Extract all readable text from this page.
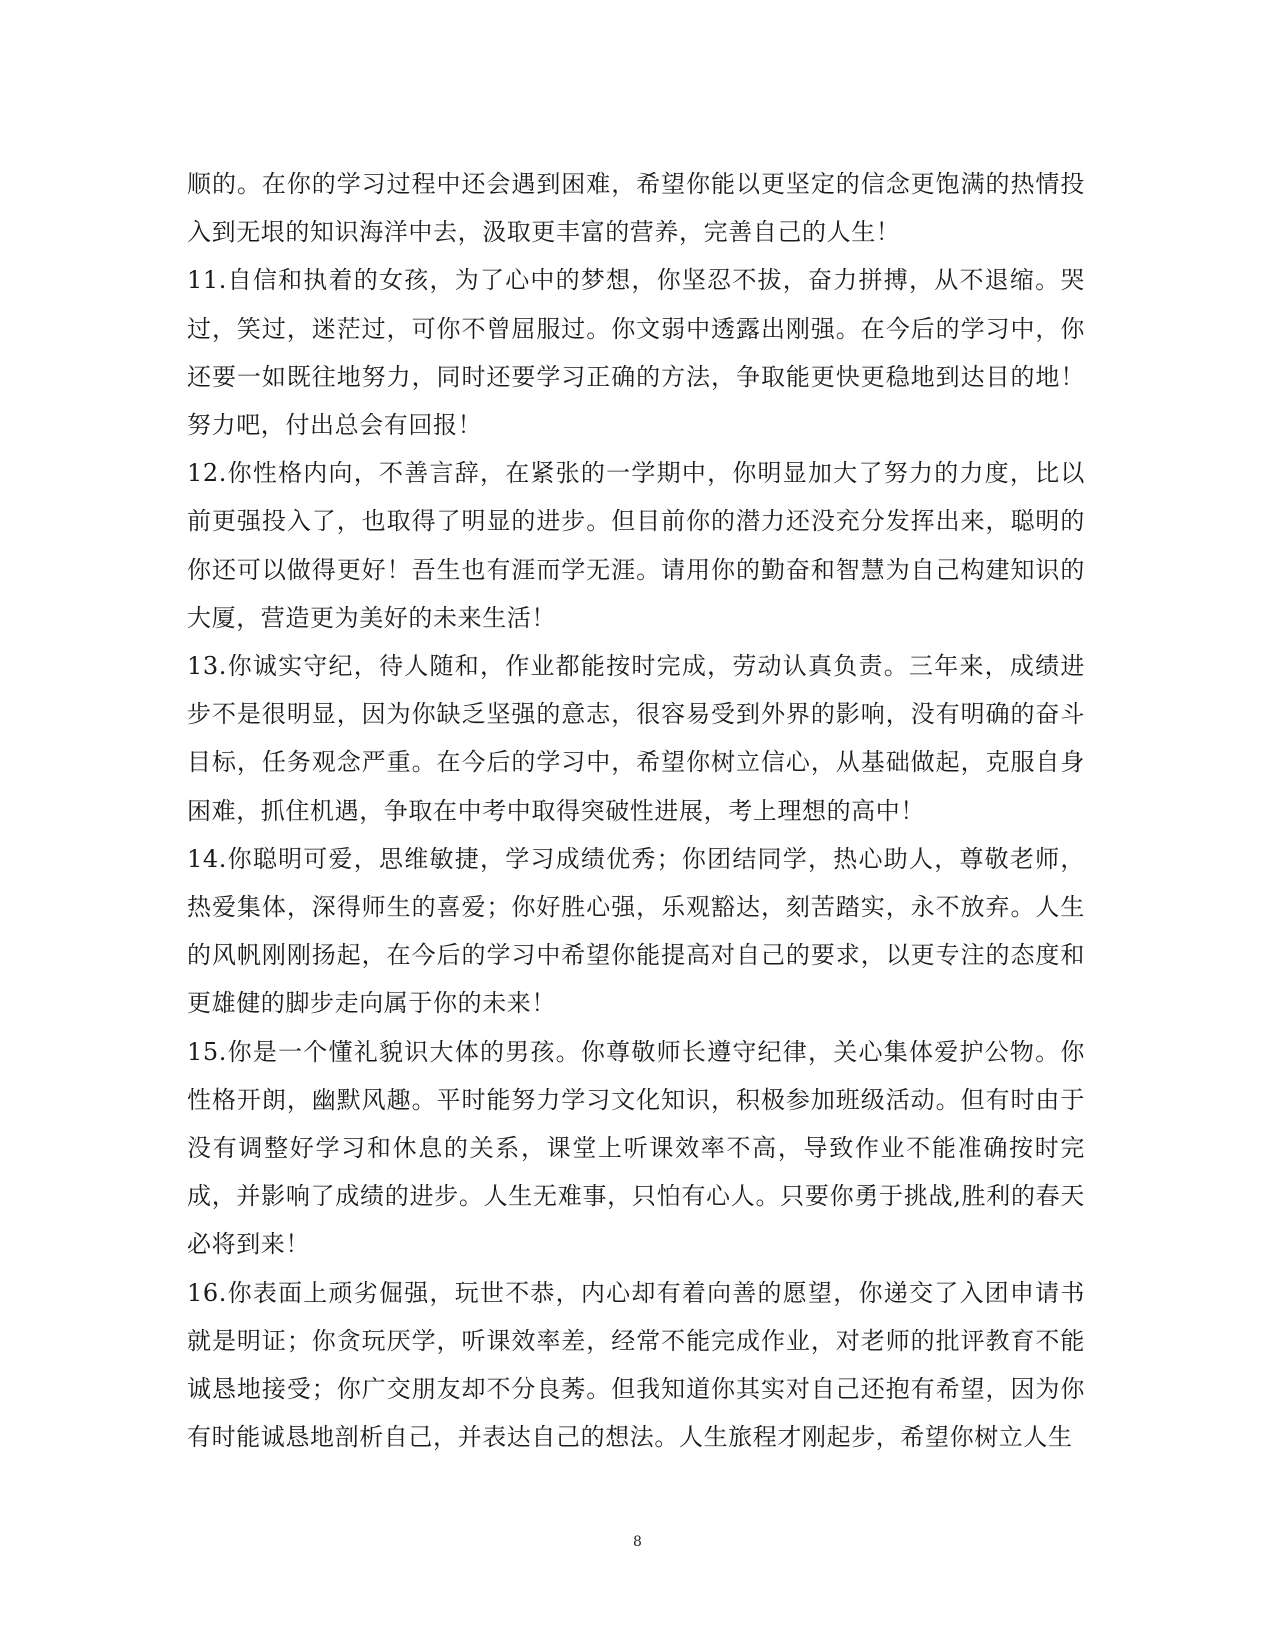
顺的。在你的学习过程中还会遇到困难，希望你能以更坚定的信念更饱满的热情投入到无垠的知识海洋中去，汲取更丰富的营养，完善自己的人生！

11.自信和执着的女孩，为了心中的梦想，你坚忍不拔，奋力拼搏，从不退缩。哭过，笑过，迷茫过，可你不曾屈服过。你文弱中透露出刚强。在今后的学习中，你还要一如既往地努力，同时还要学习正确的方法，争取能更快更稳地到达目的地！努力吧，付出总会有回报！

12.你性格内向，不善言辞，在紧张的一学期中，你明显加大了努力的力度，比以前更强投入了，也取得了明显的进步。但目前你的潜力还没充分发挥出来，聪明的你还可以做得更好！吾生也有涯而学无涯。请用你的勤奋和智慧为自己构建知识的大厦，营造更为美好的未来生活！

13.你诚实守纪，待人随和，作业都能按时完成，劳动认真负责。三年来，成绩进步不是很明显，因为你缺乏坚强的意志，很容易受到外界的影响，没有明确的奋斗目标，任务观念严重。在今后的学习中，希望你树立信心，从基础做起，克服自身困难，抓住机遇，争取在中考中取得突破性进展，考上理想的高中！

14.你聪明可爱，思维敏捷，学习成绩优秀；你团结同学，热心助人，尊敬老师，热爱集体，深得师生的喜爱；你好胜心强，乐观豁达，刻苦踏实，永不放弃。人生的风帆刚刚扬起，在今后的学习中希望你能提高对自己的要求，以更专注的态度和更雄健的脚步走向属于你的未来！

15.你是一个懂礼貌识大体的男孩。你尊敬师长遵守纪律，关心集体爱护公物。你性格开朗，幽默风趣。平时能努力学习文化知识，积极参加班级活动。但有时由于没有调整好学习和休息的关系，课堂上听课效率不高，导致作业不能准确按时完成，并影响了成绩的进步。人生无难事，只怕有心人。只要你勇于挑战,胜利的春天必将到来！

16.你表面上顽劣倔强，玩世不恭，内心却有着向善的愿望，你递交了入团申请书就是明证；你贪玩厌学，听课效率差，经常不能完成作业，对老师的批评教育不能诚恳地接受；你广交朋友却不分良莠。但我知道你其实对自己还抱有希望，因为你有时能诚恳地剖析自己，并表达自己的想法。人生旅程才刚起步，希望你树立人生

8
